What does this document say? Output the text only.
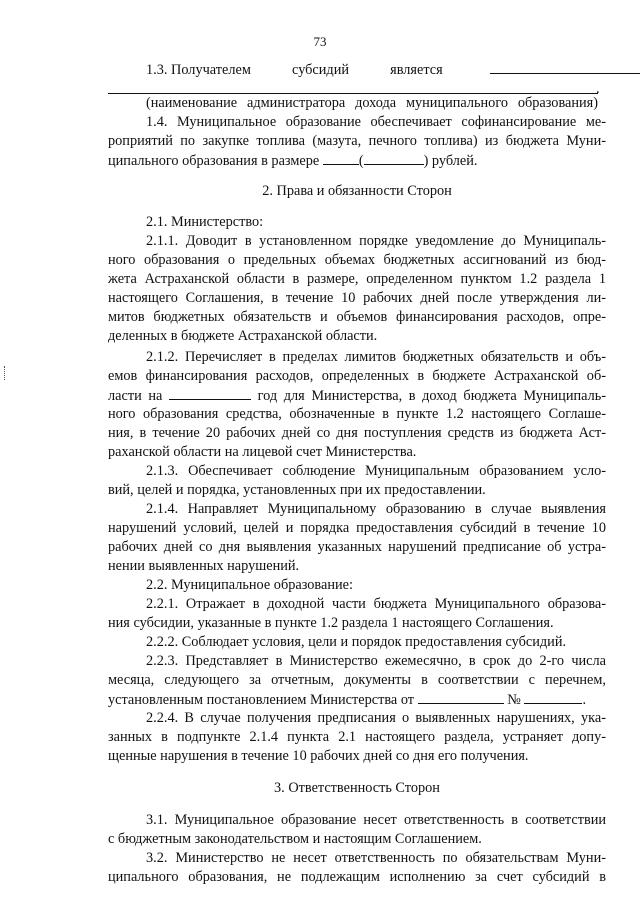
73
1.3. Получателем	субсидий	является
.
(наименование администратора дохода муниципального образования)
1.4. Муниципальное образование обеспечивает софинансирование ме-
роприятий по закупке топлива (мазута, печного топлива) из бюджета Муни-
ципального образования в размере	(	) рублей.
2. Права и обязанности Сторон
2.1. Министерство:
2.1.1. Доводит в установленном порядке уведомление до Муниципаль-
ного образования о предельных объемах бюджетных ассигнований из бюд-
жета Астраханской области в размере, определенном пунктом 1.2 раздела 1
настоящего Соглашения, в течение 10 рабочих дней после утверждения ли-
митов бюджетных обязательств и объемов финансирования расходов, опре-
деленных в бюджете Астраханской области.
2.1.2. Перечисляет в пределах лимитов бюджетных обязательств и объ-
емов финансирования расходов, определенных в бюджете Астраханской об-
ласти на	год для Министерства, в доход бюджета Муниципаль-
ного образования средства, обозначенные в пункте 1.2 настоящего Соглаше-
ния, в течение 20 рабочих дней со дня поступления средств из бюджета Аст-
раханской области на лицевой счет Министерства.
2.1.3. Обеспечивает соблюдение Муниципальным образованием усло-
вий, целей и порядка, установленных при их предоставлении.
2.1.4. Направляет Муниципальному образованию в случае выявления
нарушений условий, целей и порядка предоставления субсидий в течение 10
рабочих дней со дня выявления указанных нарушений предписание об устра-
нении выявленных нарушений.
2.2. Муниципальное образование:
2.2.1. Отражает в доходной части бюджета Муниципального образова-
ния субсидии, указанные в пункте 1.2 раздела 1 настоящего Соглашения.
2.2.2. Соблюдает условия, цели и порядок предоставления субсидий.
2.2.3. Представляет в Министерство ежемесячно, в срок до 2-го числа
месяца, следующего за отчетным, документы в соответствии с перечнем,
установленным постановлением Министерства от	№	.
2.2.4. В случае получения предписания о выявленных нарушениях, ука-
занных в подпункте 2.1.4 пункта 2.1 настоящего раздела, устраняет допу-
щенные нарушения в течение 10 рабочих дней со дня его получения.
3. Ответственность Сторон
3.1. Муниципальное образование несет ответственность в соответствии
с бюджетным законодательством и настоящим Соглашением.
3.2. Министерство не несет ответственность по обязательствам Муни-
ципального образования, не подлежащим исполнению за счет субсидий в
